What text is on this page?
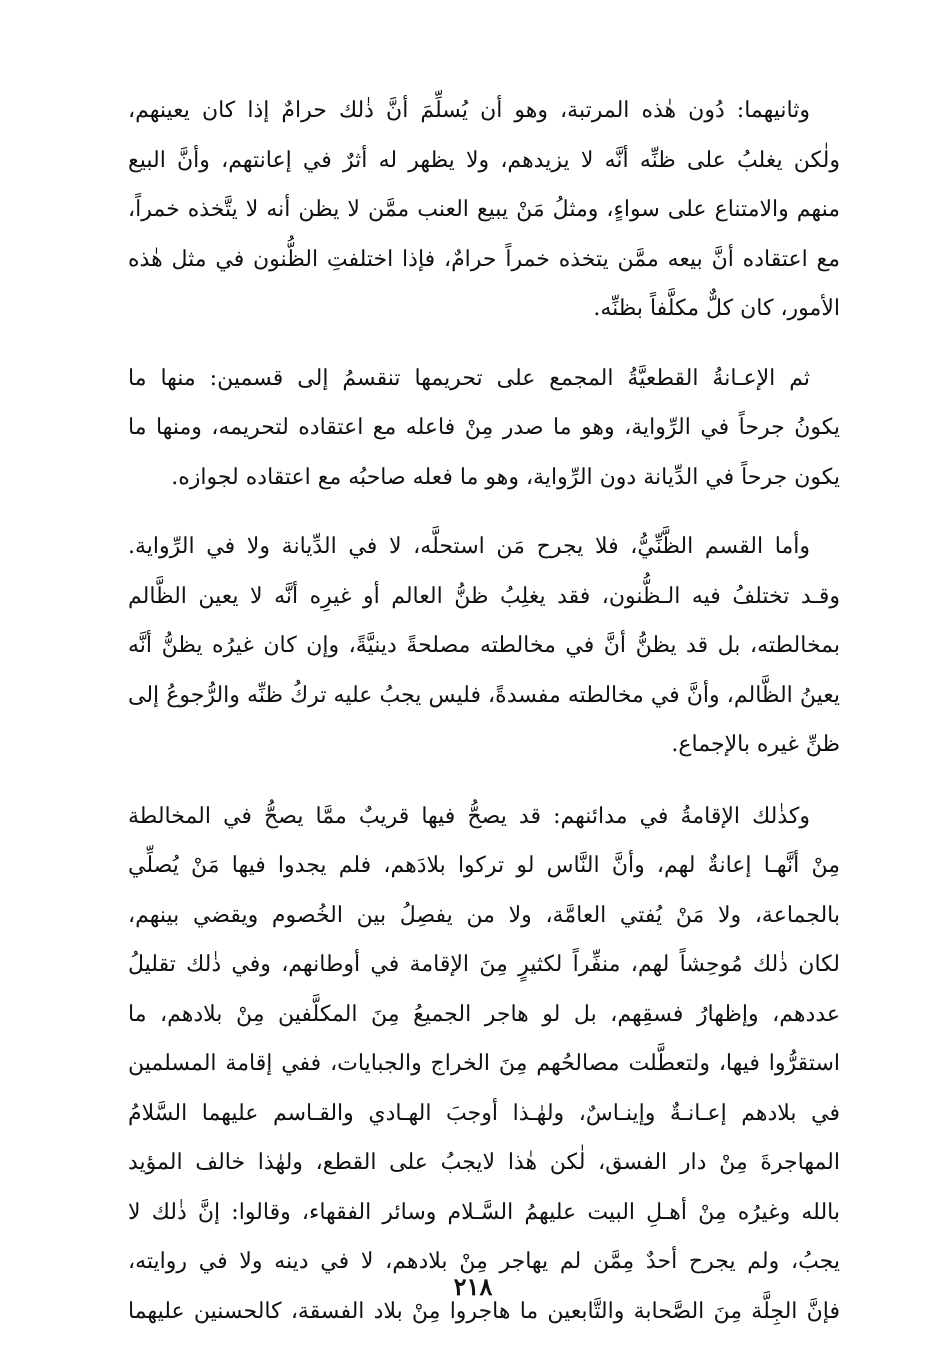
وثانيهما: دُون هٰذه المرتبة، وهو أن يُسلِّمَ أنَّ ذٰلك حرامٌ إذا كان يعينهم،
ولٰكن يغلبُ على ظنِّه أنَّه لا يزيدهم، ولا يظهر له أثرٌ في إعانتهم، وأنَّ البيع
منهم والامتناع على سواءٍ، ومثلُ مَنْ يبيع العنب ممَّن لا يظن أنه لا يتَّخذه خمراً،
مع اعتقاده أنَّ بيعه ممَّن يتخذه خمراً حرامٌ، فإذا اختلفتِ الظُّنون في مثل هٰذه
الأمور، كان كلٌّ مكلَّفاً بظنِّه.
ثم الإعـانةُ القطعيَّةُ المجمع على تحريمها تنقسمُ إلى قسمين: منها ما
يكونُ جرحاً في الرِّواية، وهو ما صدر مِنْ فاعله مع اعتقاده لتحريمه، ومنها ما
يكون جرحاً في الدِّيانة دون الرِّواية، وهو ما فعله صاحبُه مع اعتقاده لجوازه.
وأما القسم الظَّنِّيُّ، فلا يجرح مَن استحلَّه، لا في الدِّيانة ولا في الرِّواية.
وقـد تختلفُ فيه الـظُّنون، فقد يغلِبُ ظنُّ العالم أو غيرِه أنَّه لا يعين الظَّالم
بمخالطته، بل قد يظنُّ أنَّ في مخالطته مصلحةً دينيَّةً، وإن كان غيرُه يظنُّ أنَّه
يعينُ الظَّالم، وأنَّ في مخالطته مفسدةً، فليس يجبُ عليه تركُ ظنِّه والرُّجوعُ إلى
ظنِّ غيره بالإجماع.
وكذٰلك الإقامةُ في مدائنهم: قد يصحُّ فيها قريبٌ ممَّا يصحُّ في المخالطة
مِنْ أنَّهـا إعانةٌ لهم، وأنَّ النَّاس لو تركوا بلادَهم، فلم يجدوا فيها مَنْ يُصلِّي
بالجماعة، ولا مَنْ يُفتي العامَّة، ولا من يفصِلُ بين الخُصوم ويقضي بينهم،
لكان ذٰلك مُوحِشاً لهم، منفِّراً لكثيرٍ مِنَ الإقامة في أوطانهم، وفي ذٰلك تقليلُ
عددهم، وإظهارُ فسقِهم، بل لو هاجر الجميعُ مِنَ المكلَّفين مِنْ بلادهم، ما
استقرُّوا فيها، ولتعطَّلت مصالحُهم مِنَ الخراج والجبايات، ففي إقامة المسلمين
في بلادهم إعـانـةٌ وإينـاسٌ، ولهٰـذا أوجبَ الهـادي والقـاسم عليهما السَّلامُ
المهاجرةَ مِنْ دار الفسق، لٰكن هٰذا لايجبُ على القطع، ولهٰذا خالف المؤيد
بالله وغيرُه مِنْ أهـلِ البيت عليهمُ السَّـلام وسائر الفقهاء، وقالوا: إنَّ ذٰلك لا
يجبُ، ولم يجرح أحدٌ مِمَّن لم يهاجر مِنْ بلادهم، لا في دينه ولا في روايته،
فإنَّ الجِلَّة مِنَ الصَّحابة والتَّابعين ما هاجروا مِنْ بلاد الفسقة، كالحسنين عليهما
٢١٨
